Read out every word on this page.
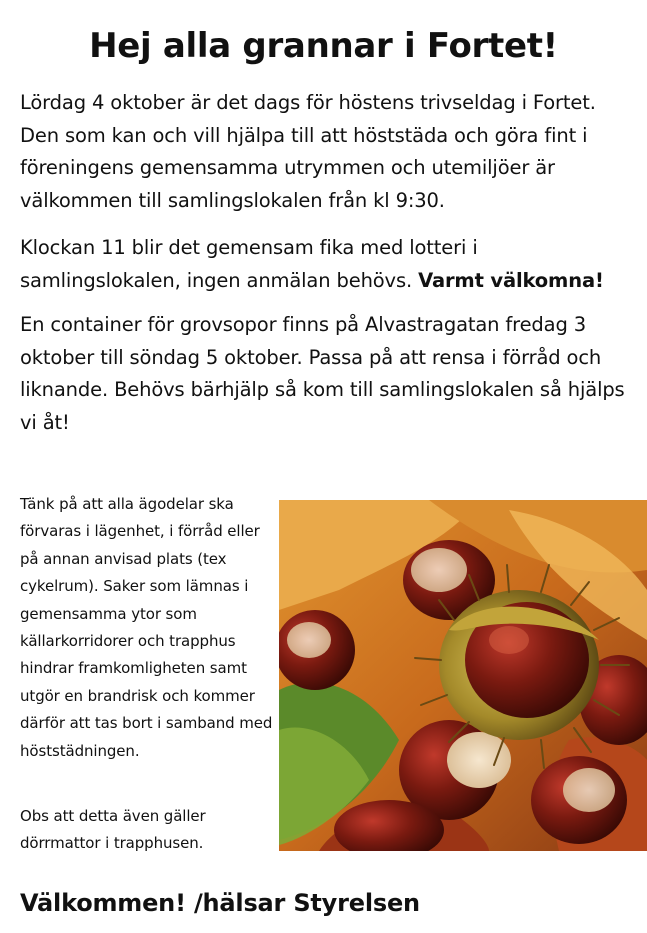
Hej alla grannar i Fortet!

Lördag 4 oktober är det dags för höstens trivseldag i Fortet. Den som kan och vill hjälpa till att höststäda och göra fint i föreningens gemensamma utrymmen och utemiljöer är välkommen till samlingslokalen från kl 9:30.

Klockan 11 blir det gemensam fika med lotteri i samlingslokalen, ingen anmälan behövs. Varmt välkomna!

En container för grovsopor finns på Alvastragatan fredag 3 oktober till söndag 5 oktober. Passa på att rensa i förråd och liknande. Behövs bärhjälp så kom till samlingslokalen så hjälps vi åt!

Tänk på att alla ägodelar ska förvaras i lägenhet, i förråd eller på annan anvisad plats (tex cykelrum). Saker som lämnas i gemensamma ytor som källarkorridorer och trapphus hindrar framkomligheten samt utgör en brandrisk och kommer därför att tas bort i samband med höststädningen.

Obs att detta även gäller dörrmattor i trapphusen.

Välkommen! /hälsar Styrelsen
